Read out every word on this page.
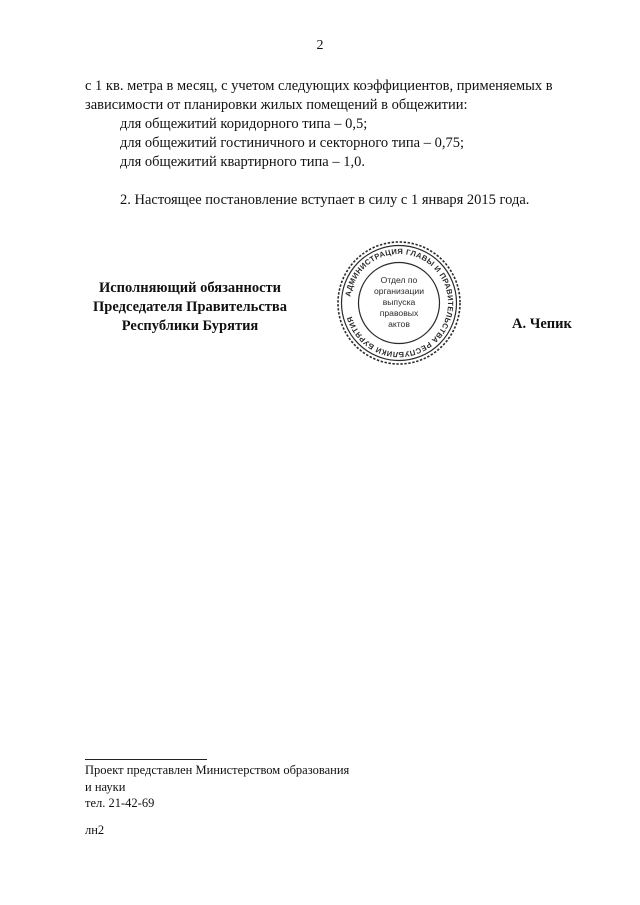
2
с 1 кв. метра в месяц, с учетом следующих коэффициентов, применяемых в
зависимости от планировки жилых помещений в общежитии:
для общежитий коридорного типа – 0,5;
для общежитий гостиничного и секторного типа – 0,75;
для общежитий квартирного типа – 1,0.
2. Настоящее постановление вступает в силу с 1 января 2015 года.
Исполняющий обязанности
Председателя Правительства
Республики Бурятия
АДМИНИСТРАЦИЯ ГЛАВЫ И ПРАВИТЕЛЬСТВА РЕСПУБЛИКИ БУРЯТИЯ
Отдел по
организации
выпуска
правовых
актов	А. Чепик
Проект представлен Министерством образования
и науки
тел. 21-42-69
лн2
